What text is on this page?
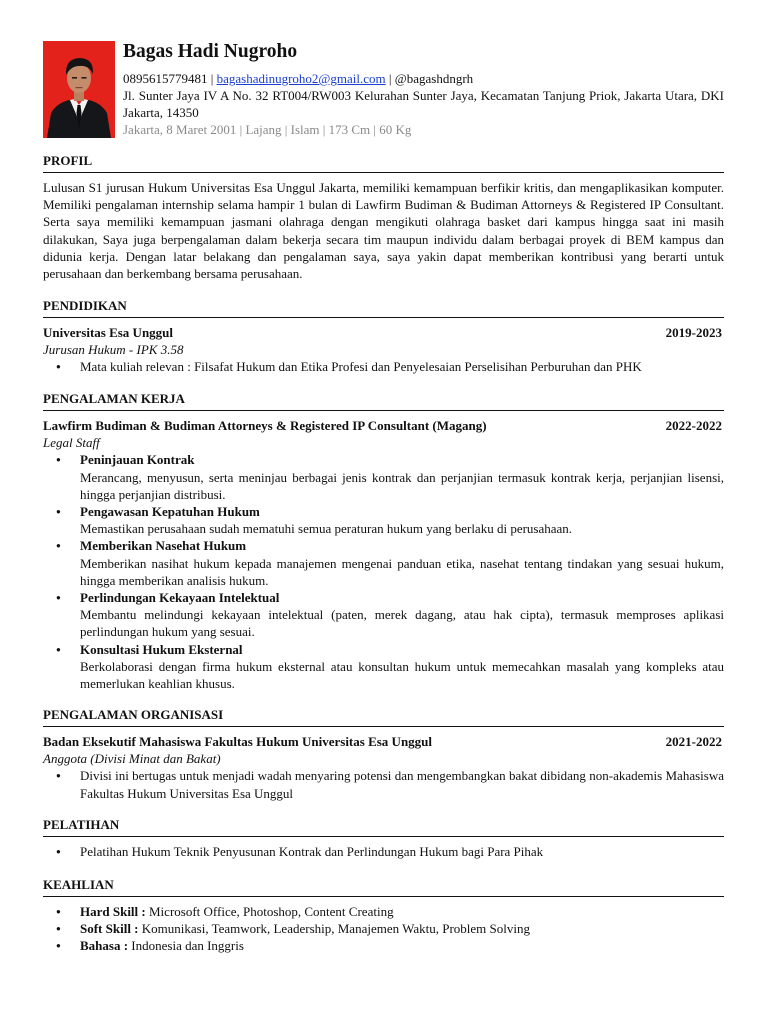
Bagas Hadi Nugroho
0895615779481 | bagashadinugroho2@gmail.com | @bagashdngrh
Jl. Sunter Jaya IV A No. 32 RT004/RW003 Kelurahan Sunter Jaya, Kecamatan Tanjung Priok, Jakarta Utara, DKI Jakarta, 14350
Jakarta, 8 Maret 2001 | Lajang | Islam | 173 Cm | 60 Kg
PROFIL

Lulusan S1 jurusan Hukum Universitas Esa Unggul Jakarta, memiliki kemampuan berfikir kritis, dan mengaplikasikan komputer. Memiliki pengalaman internship selama hampir 1 bulan di Lawfirm Budiman & Budiman Attorneys & Registered IP Consultant. Serta saya memiliki kemampuan jasmani olahraga dengan mengikuti olahraga basket dari kampus hingga saat ini masih dilakukan, Saya juga berpengalaman dalam bekerja secara tim maupun individu dalam berbagai proyek di BEM kampus dan didunia kerja. Dengan latar belakang dan pengalaman saya, saya yakin dapat memberikan kontribusi yang berarti untuk perusahaan dan berkembang bersama perusahaan.

PENDIDIKAN
Universitas Esa Unggul	2019-2023
Jurusan Hukum - IPK 3.58
● Mata kuliah relevan : Filsafat Hukum dan Etika Profesi dan Penyelesaian Perselisihan Perburuhan dan PHK
PENGALAMAN KERJA
Lawfirm Budiman & Budiman Attorneys & Registered IP Consultant (Magang)	2022-2022
Legal Staff
● Peninjauan Kontrak
Merancang, menyusun, serta meninjau berbagai jenis kontrak dan perjanjian termasuk kontrak kerja, perjanjian lisensi, hingga perjanjian distribusi.
● Pengawasan Kepatuhan Hukum
Memastikan perusahaan sudah mematuhi semua peraturan hukum yang berlaku di perusahaan.
● Memberikan Nasehat Hukum
Memberikan nasihat hukum kepada manajemen mengenai panduan etika, nasehat tentang tindakan yang sesuai hukum, hingga memberikan analisis hukum.
● Perlindungan Kekayaan Intelektual
Membantu melindungi kekayaan intelektual (paten, merek dagang, atau hak cipta), termasuk memproses aplikasi perlindungan hukum yang sesuai.
● Konsultasi Hukum Eksternal
Berkolaborasi dengan firma hukum eksternal atau konsultan hukum untuk memecahkan masalah yang kompleks atau memerlukan keahlian khusus.
PENGALAMAN ORGANISASI
Badan Eksekutif Mahasiswa Fakultas Hukum Universitas Esa Unggul	2021-2022
Anggota (Divisi Minat dan Bakat)
● Divisi ini bertugas untuk menjadi wadah menyaring potensi dan mengembangkan bakat dibidang non-akademis Mahasiswa Fakultas Hukum Universitas Esa Unggul
PELATIHAN
● Pelatihan Hukum Teknik Penyusunan Kontrak dan Perlindungan Hukum bagi Para Pihak
KEAHLIAN
● Hard Skill : Microsoft Office, Photoshop, Content Creating
● Soft Skill : Komunikasi, Teamwork, Leadership, Manajemen Waktu, Problem Solving
● Bahasa : Indonesia dan Inggris
